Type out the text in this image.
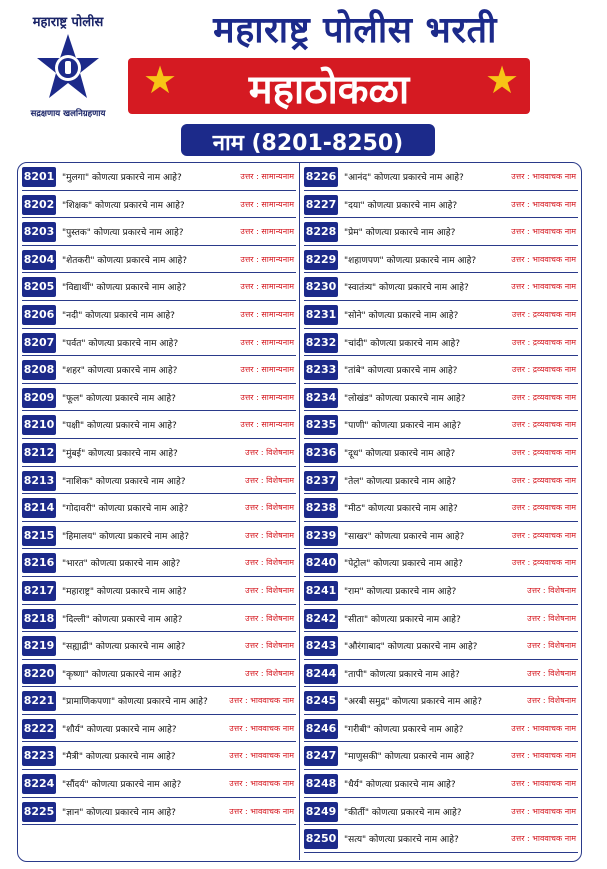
महाराष्ट्र पोलीस
सद्रक्षणाय खलनिग्रहणाय
महाराष्ट्र पोलीस भरती
महाठोकळा
★	★
नाम (8201-8250)
8201 "मुलगा" कोणत्या प्रकारचे नाम आहे?	उत्तर : सामान्यनाम
8202 "शिक्षक" कोणत्या प्रकारचे नाम आहे?	उत्तर : सामान्यनाम
8203 "पुस्तक" कोणत्या प्रकारचे नाम आहे?	उत्तर : सामान्यनाम
8204 "शेतकरी" कोणत्या प्रकारचे नाम आहे?	उत्तर : सामान्यनाम
8205 "विद्यार्थी" कोणत्या प्रकारचे नाम आहे?	उत्तर : सामान्यनाम
8206 "नदी" कोणत्या प्रकारचे नाम आहे?	उत्तर : सामान्यनाम
8207 "पर्वत" कोणत्या प्रकारचे नाम आहे?	उत्तर : सामान्यनाम
8208 "शहर" कोणत्या प्रकारचे नाम आहे?	उत्तर : सामान्यनाम
8209 "फूल" कोणत्या प्रकारचे नाम आहे?	उत्तर : सामान्यनाम
8210 "पक्षी" कोणत्या प्रकारचे नाम आहे?	उत्तर : सामान्यनाम
8212 "मुंबई" कोणत्या प्रकारचे नाम आहे?	उत्तर : विशेषनाम
8213 "नाशिक" कोणत्या प्रकारचे नाम आहे?	उत्तर : विशेषनाम
8214 "गोदावरी" कोणत्या प्रकारचे नाम आहे?	उत्तर : विशेषनाम
8215 "हिमालय" कोणत्या प्रकारचे नाम आहे?	उत्तर : विशेषनाम
8216 "भारत" कोणत्या प्रकारचे नाम आहे?	उत्तर : विशेषनाम
8217 "महाराष्ट्र" कोणत्या प्रकारचे नाम आहे?	उत्तर : विशेषनाम
8218 "दिल्ली" कोणत्या प्रकारचे नाम आहे?	उत्तर : विशेषनाम
8219 "सह्याद्री" कोणत्या प्रकारचे नाम आहे?	उत्तर : विशेषनाम
8220 "कृष्णा" कोणत्या प्रकारचे नाम आहे?	उत्तर : विशेषनाम
8221 "प्रामाणिकपणा" कोणत्या प्रकारचे नाम आहे?	उत्तर : भाववाचक नाम
8222 "शौर्य" कोणत्या प्रकारचे नाम आहे?	उत्तर : भाववाचक नाम
8223 "मैत्री" कोणत्या प्रकारचे नाम आहे?	उत्तर : भाववाचक नाम
8224 "सौंदर्य" कोणत्या प्रकारचे नाम आहे?	उत्तर : भाववाचक नाम
8225 "ज्ञान" कोणत्या प्रकारचे नाम आहे?	उत्तर : भाववाचक नाम
8226 "आनंद" कोणत्या प्रकारचे नाम आहे?	उत्तर : भाववाचक नाम
8227 "दया" कोणत्या प्रकारचे नाम आहे?	उत्तर : भाववाचक नाम
8228 "प्रेम" कोणत्या प्रकारचे नाम आहे?	उत्तर : भाववाचक नाम
8229 "शहाणपण" कोणत्या प्रकारचे नाम आहे?	उत्तर : भाववाचक नाम
8230 "स्वातंत्र्य" कोणत्या प्रकारचे नाम आहे?	उत्तर : भाववाचक नाम
8231 "सोने" कोणत्या प्रकारचे नाम आहे?	उत्तर : द्रव्यवाचक नाम
8232 "चांदी" कोणत्या प्रकारचे नाम आहे?	उत्तर : द्रव्यवाचक नाम
8233 "तांबे" कोणत्या प्रकारचे नाम आहे?	उत्तर : द्रव्यवाचक नाम
8234 "लोखंड" कोणत्या प्रकारचे नाम आहे?	उत्तर : द्रव्यवाचक नाम
8235 "पाणी" कोणत्या प्रकारचे नाम आहे?	उत्तर : द्रव्यवाचक नाम
8236 "दूध" कोणत्या प्रकारचे नाम आहे?	उत्तर : द्रव्यवाचक नाम
8237 "तेल" कोणत्या प्रकारचे नाम आहे?	उत्तर : द्रव्यवाचक नाम
8238 "मीठ" कोणत्या प्रकारचे नाम आहे?	उत्तर : द्रव्यवाचक नाम
8239 "साखर" कोणत्या प्रकारचे नाम आहे?	उत्तर : द्रव्यवाचक नाम
8240 "पेट्रोल" कोणत्या प्रकारचे नाम आहे?	उत्तर : द्रव्यवाचक नाम
8241 "राम" कोणत्या प्रकारचे नाम आहे?	उत्तर : विशेषनाम
8242 "सीता" कोणत्या प्रकारचे नाम आहे?	उत्तर : विशेषनाम
8243 "औरंगाबाद" कोणत्या प्रकारचे नाम आहे?	उत्तर : विशेषनाम
8244 "तापी" कोणत्या प्रकारचे नाम आहे?	उत्तर : विशेषनाम
8245 "अरबी समुद्र" कोणत्या प्रकारचे नाम आहे?	उत्तर : विशेषनाम
8246 "गरीबी" कोणत्या प्रकारचे नाम आहे?	उत्तर : भाववाचक नाम
8247 "माणुसकी" कोणत्या प्रकारचे नाम आहे?	उत्तर : भाववाचक नाम
8248 "धैर्य" कोणत्या प्रकारचे नाम आहे?	उत्तर : भाववाचक नाम
8249 "कीर्ती" कोणत्या प्रकारचे नाम आहे?	उत्तर : भाववाचक नाम
8250 "सत्य" कोणत्या प्रकारचे नाम आहे?	उत्तर : भाववाचक नाम
